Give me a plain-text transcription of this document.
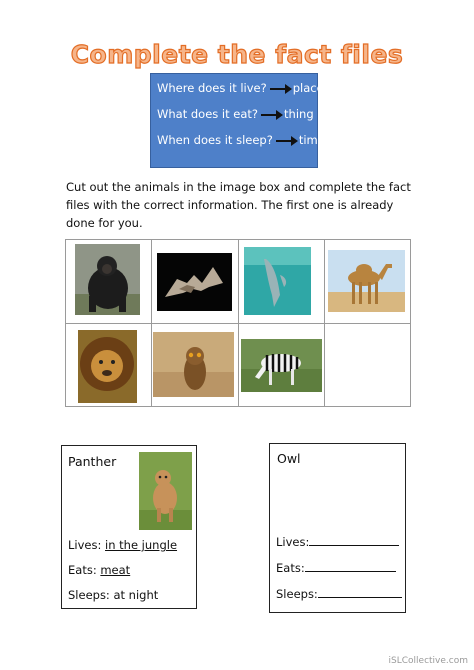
Complete the fact files
Where does it live? place
What does it eat? thing
When does it sleep? time
Cut out the animals in the image box and complete the fact files with the correct information. The first one is already done for you.

Panther
Lives: in the jungle
Eats: meat
Sleeps: at night
Owl
Lives:
Eats:
Sleeps:
iSLCollective.com
